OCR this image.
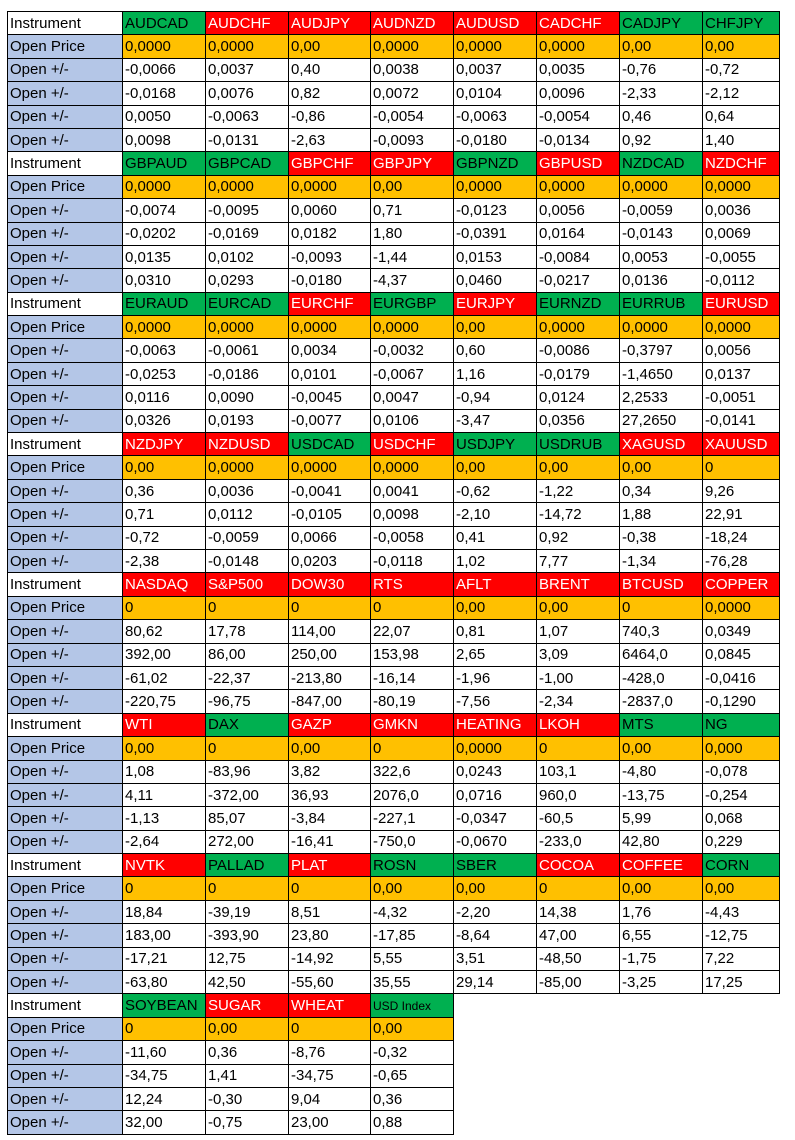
Instrument	AUDCAD	AUDCHF	AUDJPY	AUDNZD	AUDUSD	CADCHF	CADJPY	CHFJPY
Open Price	0,0000	0,0000	0,00	0,0000	0,0000	0,0000	0,00	0,00
Open +/-	-0,0066	0,0037	0,40	0,0038	0,0037	0,0035	-0,76	-0,72
Open +/-	-0,0168	0,0076	0,82	0,0072	0,0104	0,0096	-2,33	-2,12
Open +/-	0,0050	-0,0063	-0,86	-0,0054	-0,0063	-0,0054	0,46	0,64
Open +/-	0,0098	-0,0131	-2,63	-0,0093	-0,0180	-0,0134	0,92	1,40
Instrument	GBPAUD	GBPCAD	GBPCHF	GBPJPY	GBPNZD	GBPUSD	NZDCAD	NZDCHF
Open Price	0,0000	0,0000	0,0000	0,00	0,0000	0,0000	0,0000	0,0000
Open +/-	-0,0074	-0,0095	0,0060	0,71	-0,0123	0,0056	-0,0059	0,0036
Open +/-	-0,0202	-0,0169	0,0182	1,80	-0,0391	0,0164	-0,0143	0,0069
Open +/-	0,0135	0,0102	-0,0093	-1,44	0,0153	-0,0084	0,0053	-0,0055
Open +/-	0,0310	0,0293	-0,0180	-4,37	0,0460	-0,0217	0,0136	-0,0112
Instrument	EURAUD	EURCAD	EURCHF	EURGBP	EURJPY	EURNZD	EURRUB	EURUSD
Open Price	0,0000	0,0000	0,0000	0,0000	0,00	0,0000	0,0000	0,0000
Open +/-	-0,0063	-0,0061	0,0034	-0,0032	0,60	-0,0086	-0,3797	0,0056
Open +/-	-0,0253	-0,0186	0,0101	-0,0067	1,16	-0,0179	-1,4650	0,0137
Open +/-	0,0116	0,0090	-0,0045	0,0047	-0,94	0,0124	2,2533	-0,0051
Open +/-	0,0326	0,0193	-0,0077	0,0106	-3,47	0,0356	27,2650	-0,0141
Instrument	NZDJPY	NZDUSD	USDCAD	USDCHF	USDJPY	USDRUB	XAGUSD	XAUUSD
Open Price	0,00	0,0000	0,0000	0,0000	0,00	0,00	0,00	0
Open +/-	0,36	0,0036	-0,0041	0,0041	-0,62	-1,22	0,34	9,26
Open +/-	0,71	0,0112	-0,0105	0,0098	-2,10	-14,72	1,88	22,91
Open +/-	-0,72	-0,0059	0,0066	-0,0058	0,41	0,92	-0,38	-18,24
Open +/-	-2,38	-0,0148	0,0203	-0,0118	1,02	7,77	-1,34	-76,28
Instrument	NASDAQ	S&P500	DOW30	RTS	AFLT	BRENT	BTCUSD	COPPER
Open Price	0	0	0	0	0,00	0,00	0	0,0000
Open +/-	80,62	17,78	114,00	22,07	0,81	1,07	740,3	0,0349
Open +/-	392,00	86,00	250,00	153,98	2,65	3,09	6464,0	0,0845
Open +/-	-61,02	-22,37	-213,80	-16,14	-1,96	-1,00	-428,0	-0,0416
Open +/-	-220,75	-96,75	-847,00	-80,19	-7,56	-2,34	-2837,0	-0,1290
Instrument	WTI	DAX	GAZP	GMKN	HEATING	LKOH	MTS	NG
Open Price	0,00	0	0,00	0	0,0000	0	0,00	0,000
Open +/-	1,08	-83,96	3,82	322,6	0,0243	103,1	-4,80	-0,078
Open +/-	4,11	-372,00	36,93	2076,0	0,0716	960,0	-13,75	-0,254
Open +/-	-1,13	85,07	-3,84	-227,1	-0,0347	-60,5	5,99	0,068
Open +/-	-2,64	272,00	-16,41	-750,0	-0,0670	-233,0	42,80	0,229
Instrument	NVTK	PALLAD	PLAT	ROSN	SBER	COCOA	COFFEE	CORN
Open Price	0	0	0	0,00	0,00	0	0,00	0,00
Open +/-	18,84	-39,19	8,51	-4,32	-2,20	14,38	1,76	-4,43
Open +/-	183,00	-393,90	23,80	-17,85	-8,64	47,00	6,55	-12,75
Open +/-	-17,21	12,75	-14,92	5,55	3,51	-48,50	-1,75	7,22
Open +/-	-63,80	42,50	-55,60	35,55	29,14	-85,00	-3,25	17,25
Instrument	SOYBEAN	SUGAR	WHEAT	USD Index				
Open Price	0	0,00	0	0,00				
Open +/-	-11,60	0,36	-8,76	-0,32				
Open +/-	-34,75	1,41	-34,75	-0,65				
Open +/-	12,24	-0,30	9,04	0,36				
Open +/-	32,00	-0,75	23,00	0,88				
